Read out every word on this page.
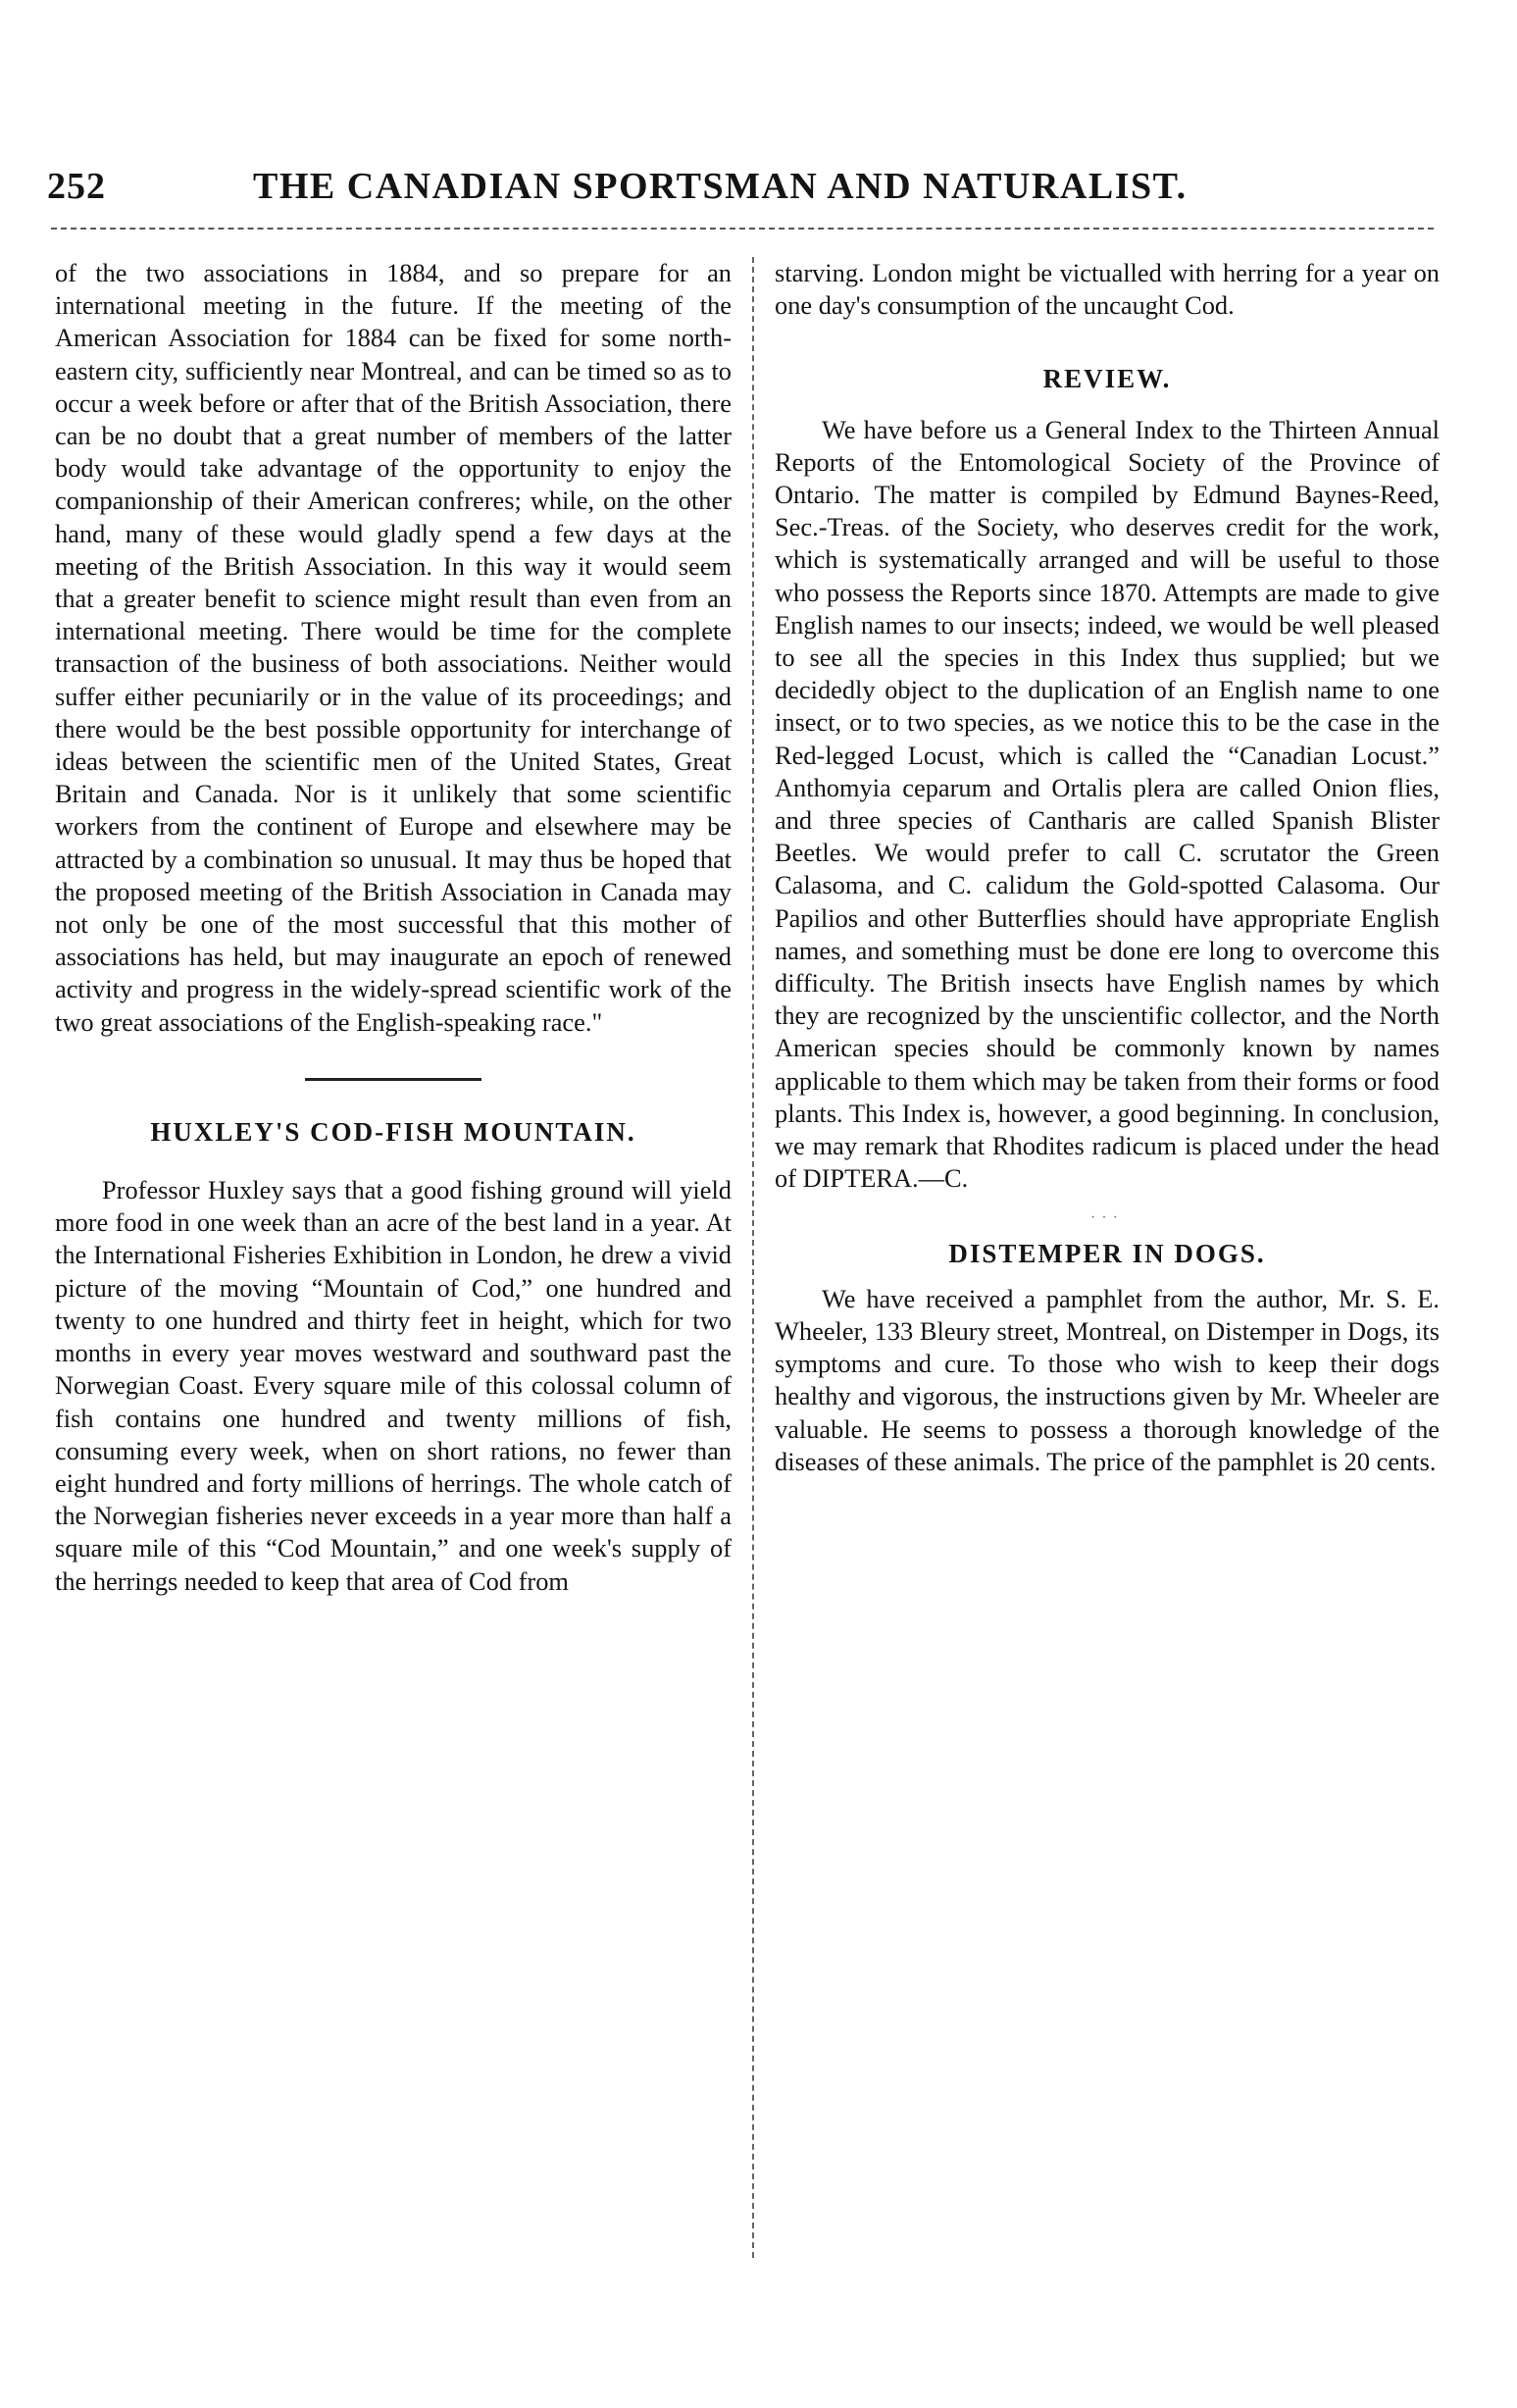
252	THE CANADIAN SPORTSMAN AND NATURALIST.

of the two associations in 1884, and so prepare for an international meeting in the future. If the meeting of the American Association for 1884 can be fixed for some north-eastern city, sufficiently near Montreal, and can be timed so as to occur a week before or after that of the British Association, there can be no doubt that a great number of members of the latter body would take advantage of the opportunity to enjoy the companionship of their American confreres; while, on the other hand, many of these would gladly spend a few days at the meeting of the British Association. In this way it would seem that a greater benefit to science might result than even from an international meeting. There would be time for the complete transaction of the business of both associations. Neither would suffer either pecuniarily or in the value of its proceedings; and there would be the best possible opportunity for interchange of ideas between the scientific men of the United States, Great Britain and Canada. Nor is it unlikely that some scientific workers from the continent of Europe and elsewhere may be attracted by a combination so unusual. It may thus be hoped that the proposed meeting of the British Association in Canada may not only be one of the most successful that this mother of associations has held, but may inaugurate an epoch of renewed activity and progress in the widely-spread scientific work of the two great associations of the English-speaking race."

HUXLEY'S COD-FISH MOUNTAIN.

Professor Huxley says that a good fishing ground will yield more food in one week than an acre of the best land in a year. At the International Fisheries Exhibition in London, he drew a vivid picture of the moving “Mountain of Cod,” one hundred and twenty to one hundred and thirty feet in height, which for two months in every year moves westward and southward past the Norwegian Coast. Every square mile of this colossal column of fish contains one hundred and twenty millions of fish, consuming every week, when on short rations, no fewer than eight hundred and forty millions of herrings. The whole catch of the Norwegian fisheries never exceeds in a year more than half a square mile of this “Cod Mountain,” and one week's supply of the herrings needed to keep that area of Cod from

starving. London might be victualled with herring for a year on one day's consumption of the uncaught Cod.

REVIEW.

We have before us a General Index to the Thirteen Annual Reports of the Entomological Society of the Province of Ontario. The matter is compiled by Edmund Baynes-Reed, Sec.-Treas. of the Society, who deserves credit for the work, which is systematically arranged and will be useful to those who possess the Reports since 1870. Attempts are made to give English names to our insects; indeed, we would be well pleased to see all the species in this Index thus supplied; but we decidedly object to the duplication of an English name to one insect, or to two species, as we notice this to be the case in the Red-legged Locust, which is called the “Canadian Locust.” Anthomyia ceparum and Ortalis plera are called Onion flies, and three species of Cantharis are called Spanish Blister Beetles. We would prefer to call C. scrutator the Green Calasoma, and C. calidum the Gold-spotted Calasoma. Our Papilios and other Butterflies should have appropriate English names, and something must be done ere long to overcome this difficulty. The British insects have English names by which they are recognized by the unscientific collector, and the North American species should be commonly known by names applicable to them which may be taken from their forms or food plants. This Index is, however, a good beginning. In conclusion, we may remark that Rhodites radicum is placed under the head of DIPTERA.—C.

···
DISTEMPER IN DOGS.

We have received a pamphlet from the author, Mr. S. E. Wheeler, 133 Bleury street, Montreal, on Distemper in Dogs, its symptoms and cure. To those who wish to keep their dogs healthy and vigorous, the instructions given by Mr. Wheeler are valuable. He seems to possess a thorough knowledge of the diseases of these animals. The price of the pamphlet is 20 cents.
